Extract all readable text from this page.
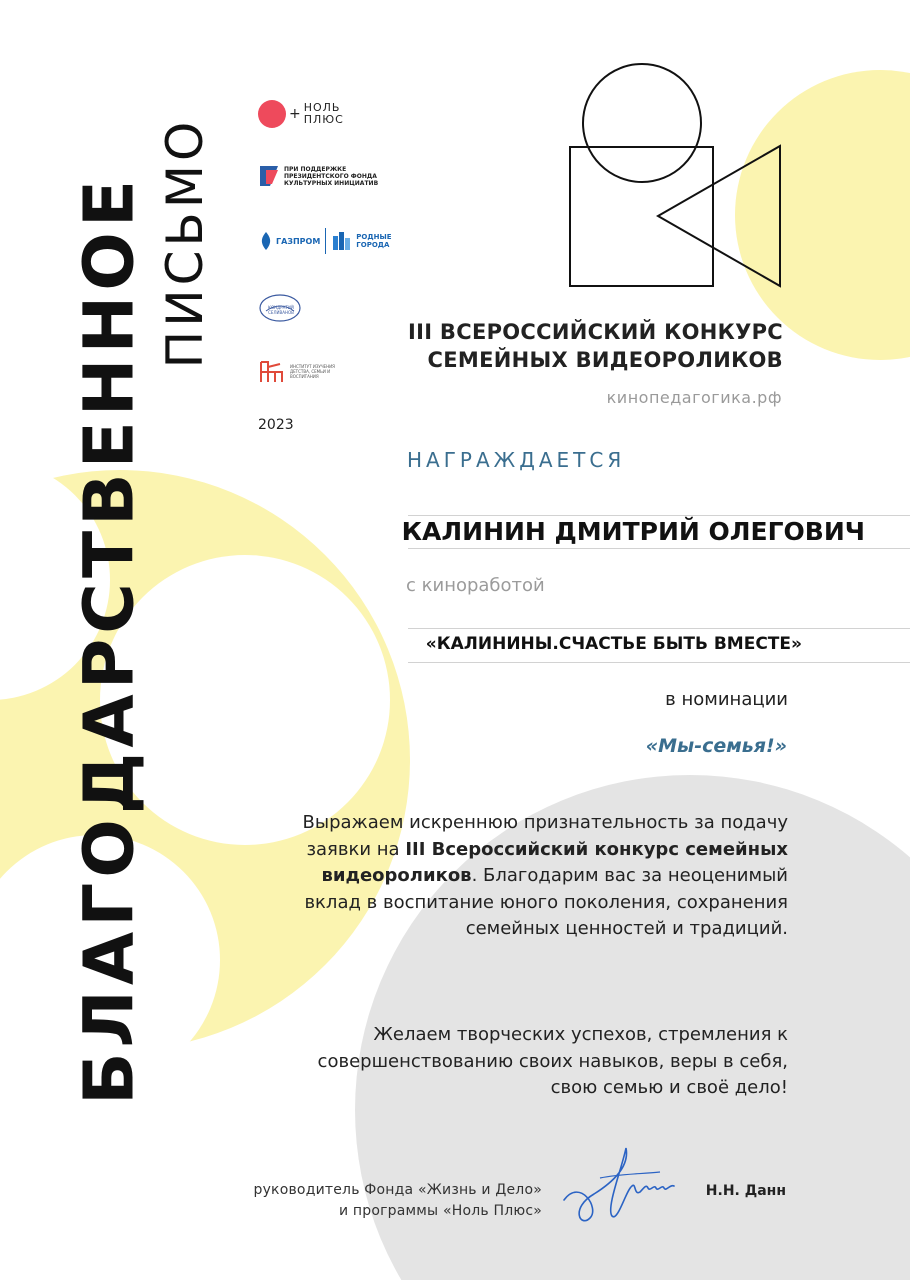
БЛАГОДАРСТВЕННОЕ ПИСЬМО
+ НОЛЬ
ПЛЮС
ПРИ ПОДДЕРЖКЕ ПРЕЗИДЕНТСКОГО ФОНДА КУЛЬТУРНЫХ ИНИЦИАТИВ
ГАЗПРОМ	РОДНЫЕ
ГОРОДА
КОНДРАТИЙ СЕЛИВАНОВ
ИНСТИТУТ ИЗУЧЕНИЯ ДЕТСТВА, СЕМЬИ И ВОСПИТАНИЯ
2023
III ВСЕРОССИЙСКИЙ КОНКУРС
СЕМЕЙНЫХ ВИДЕОРОЛИКОВ
кинопедагогика.рф
НАГРАЖДАЕТСЯ
КАЛИНИН ДМИТРИЙ ОЛЕГОВИЧ
с киноработой
«КАЛИНИНЫ.СЧАСТЬЕ БЫТЬ ВМЕСТЕ»
в номинации
«Мы-семья!»
Выражаем искреннюю признательность за подачу заявки на III Всероссийский конкурс семейных видеороликов. Благодарим вас за неоценимый вклад в воспитание юного поколения, сохранения семейных ценностей и традиций.
Желаем творческих успехов, стремления к совершенствованию своих навыков, веры в себя, свою семью и своё дело!
руководитель Фонда «Жизнь и Дело»
и программы «Ноль Плюс»
Н.Н. Данн
